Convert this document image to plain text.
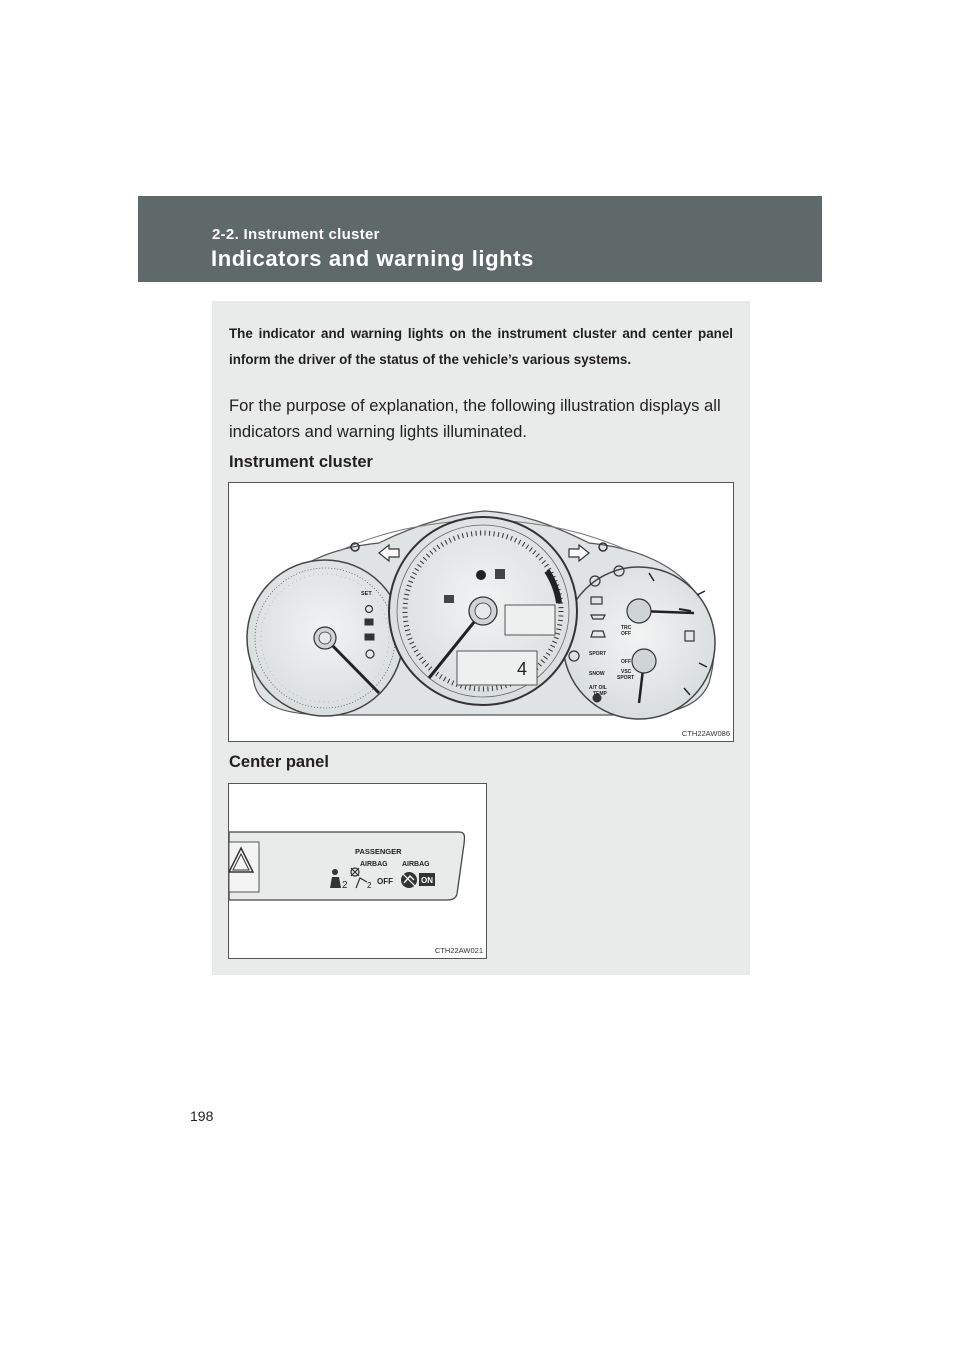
2-2. Instrument cluster
Indicators and warning lights
The indicator and warning lights on the instrument cluster and center panel inform the driver of the status of the vehicle’s various systems.
For the purpose of explanation, the following illustration displays all indicators and warning lights illuminated.
Instrument cluster
SET
TRC
OFF
OFF
SPORT
SNOW	VSC
SPORT
A/T OIL
TEMP
4
CTH22AW086
Center panel
PASSENGER
AIRBAG AIRBAG
OFF
2 2
ON
CTH22AW021
198
